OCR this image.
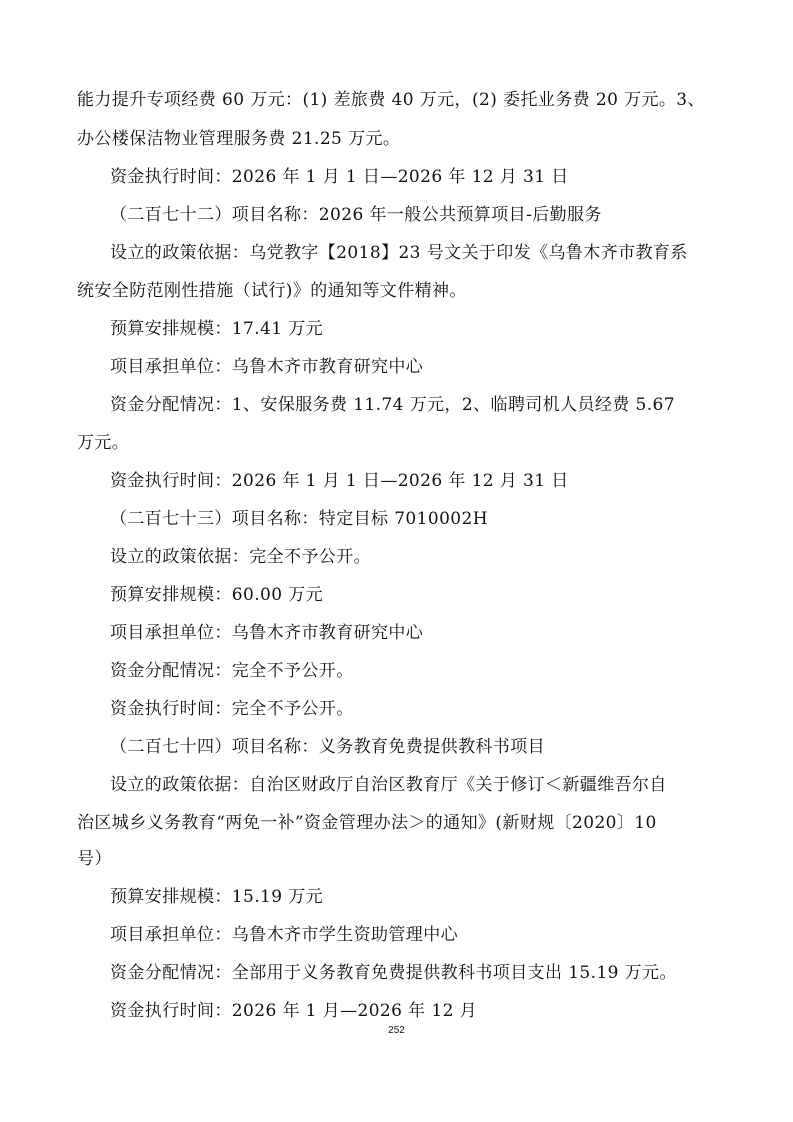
能力提升专项经费 60 万元：(1) 差旅费 40 万元，(2) 委托业务费 20 万元。3、
办公楼保洁物业管理服务费 21.25 万元。
资金执行时间：2026 年 1 月 1 日—2026 年 12 月 31 日
（二百七十二）项目名称：2026 年一般公共预算项目-后勤服务
设立的政策依据：乌党教字【2018】23 号文关于印发《乌鲁木齐市教育系
统安全防范刚性措施（试行)》的通知等文件精神。
预算安排规模：17.41 万元
项目承担单位：乌鲁木齐市教育研究中心
资金分配情况：1、安保服务费 11.74 万元，2、临聘司机人员经费 5.67
万元。
资金执行时间：2026 年 1 月 1 日—2026 年 12 月 31 日
（二百七十三）项目名称：特定目标 7010002H
设立的政策依据：完全不予公开。
预算安排规模：60.00 万元
项目承担单位：乌鲁木齐市教育研究中心
资金分配情况：完全不予公开。
资金执行时间：完全不予公开。
（二百七十四）项目名称：义务教育免费提供教科书项目
设立的政策依据：自治区财政厅自治区教育厅《关于修订＜新疆维吾尔自
治区城乡义务教育“两免一补”资金管理办法＞的通知》(新财规〔2020〕10
号）
预算安排规模：15.19 万元
项目承担单位：乌鲁木齐市学生资助管理中心
资金分配情况：全部用于义务教育免费提供教科书项目支出 15.19 万元。
资金执行时间：2026 年 1 月—2026 年 12 月
252
